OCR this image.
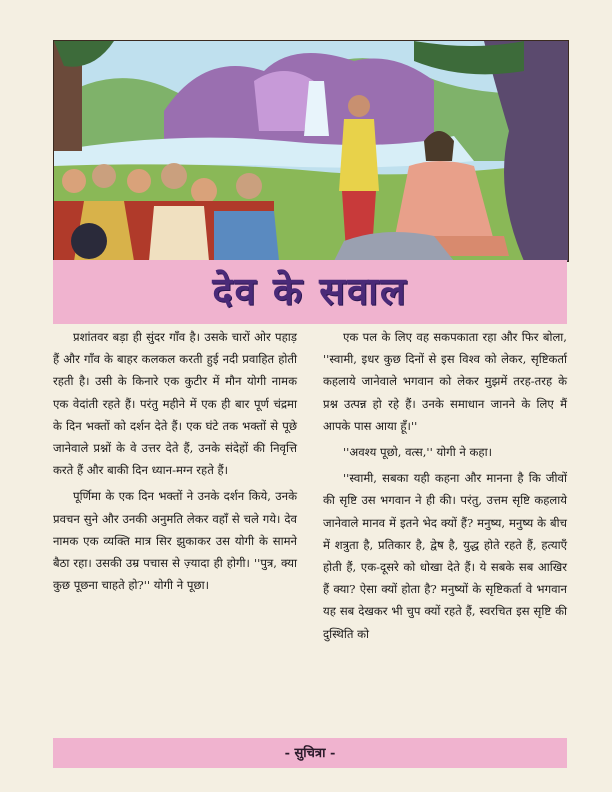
देव के सवाल

प्रशांतवर बड़ा ही सुंदर गाँव है। उसके चारों ओर पहाड़ हैं और गाँव के बाहर कलकल करती हुई नदी प्रवाहित होती रहती है। उसी के किनारे एक कुटीर में मौन योगी नामक एक वेदांती रहते हैं। परंतु महीने में एक ही बार पूर्ण चंद्रमा के दिन भक्तों को दर्शन देते हैं। एक घंटे तक भक्तों से पूछे जानेवाले प्रश्नों के वे उत्तर देते हैं, उनके संदेहों की निवृत्ति करते हैं और बाकी दिन ध्यान-मग्न रहते हैं।

पूर्णिमा के एक दिन भक्तों ने उनके दर्शन किये, उनके प्रवचन सुने और उनकी अनुमति लेकर वहाँ से चले गये। देव नामक एक व्यक्ति मात्र सिर झुकाकर उस योगी के सामने बैठा रहा। उसकी उम्र पचास से ज़्यादा ही होगी। ''पुत्र, क्या कुछ पूछना चाहते हो?'' योगी ने पूछा।

एक पल के लिए वह सकपकाता रहा और फिर बोला, ''स्वामी, इधर कुछ दिनों से इस विश्व को लेकर, सृष्टिकर्ता कहलाये जानेवाले भगवान को लेकर मुझमें तरह-तरह के प्रश्न उत्पन्न हो रहे हैं। उनके समाधान जानने के लिए मैं आपके पास आया हूँ।''

''अवश्य पूछो, वत्स,'' योगी ने कहा।

''स्वामी, सबका यही कहना और मानना है कि जीवों की सृष्टि उस भगवान ने ही की। परंतु, उत्तम सृष्टि कहलाये जानेवाले मानव में इतने भेद क्यों हैं? मनुष्य, मनुष्य के बीच में शत्रुता है, प्रतिकार है, द्वेष है, युद्ध होते रहते हैं, हत्याएँ होती हैं, एक-दूसरे को धोखा देते हैं। ये सबके सब आखिर हैं क्या? ऐसा क्यों होता है? मनुष्यों के सृष्टिकर्ता वे भगवान यह सब देखकर भी चुप क्यों रहते हैं, स्वरचित इस सृष्टि की दुस्थिति को

- सुचित्रा -
